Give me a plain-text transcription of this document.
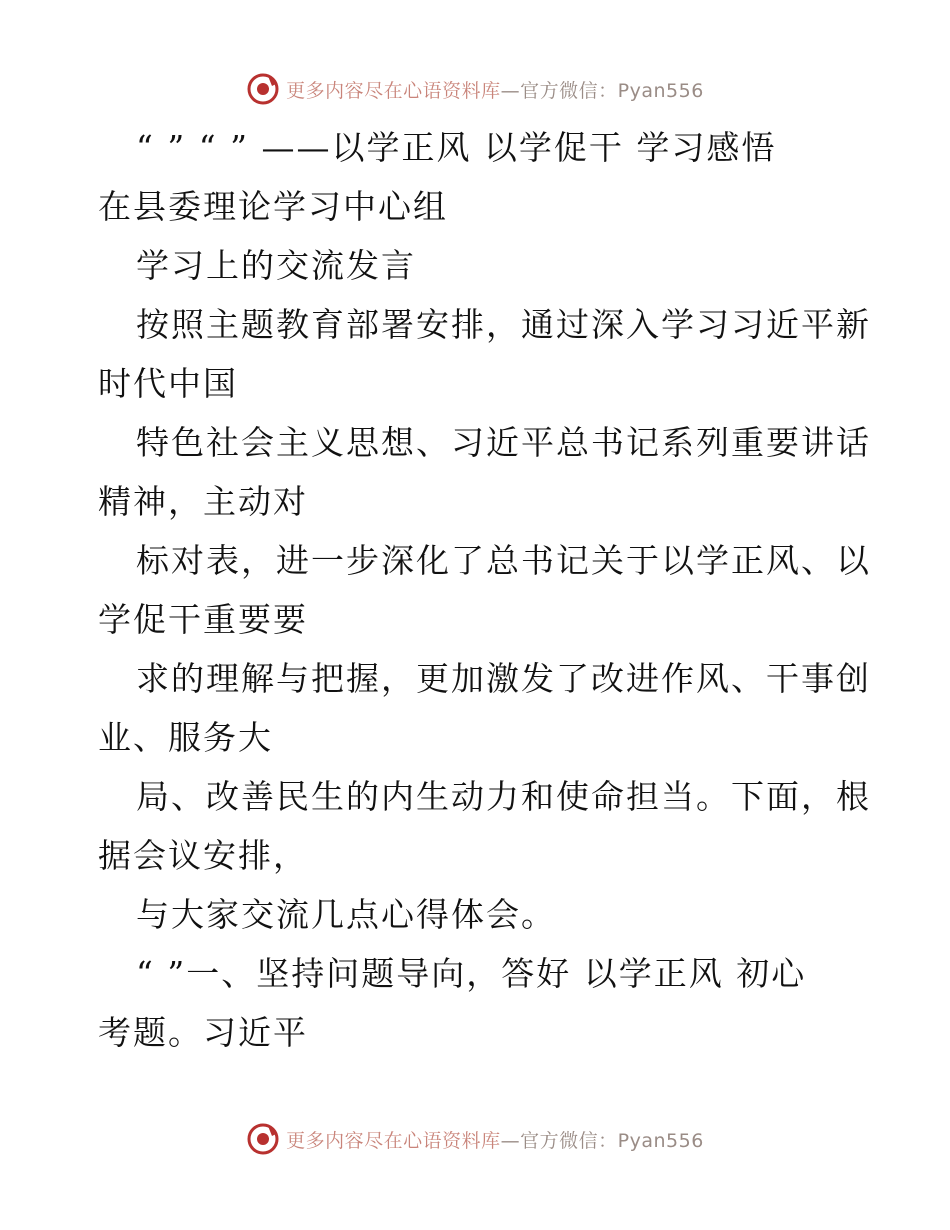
更多内容尽在心语资料库—官方微信：Pyan556
“ ” “ ” ——以学正风 以学促干 学习感悟
在县委理论学习中心组
学习上的交流发言
按照主题教育部署安排，通过深入学习习近平新
时代中国
特色社会主义思想、习近平总书记系列重要讲话
精神，主动对
标对表，进一步深化了总书记关于以学正风、以
学促干重要要
求的理解与把握，更加激发了改进作风、干事创
业、服务大
局、改善民生的内生动力和使命担当。下面，根
据会议安排，
与大家交流几点心得体会。
“ ”一、坚持问题导向，答好 以学正风 初心
考题。习近平
更多内容尽在心语资料库—官方微信：Pyan556
